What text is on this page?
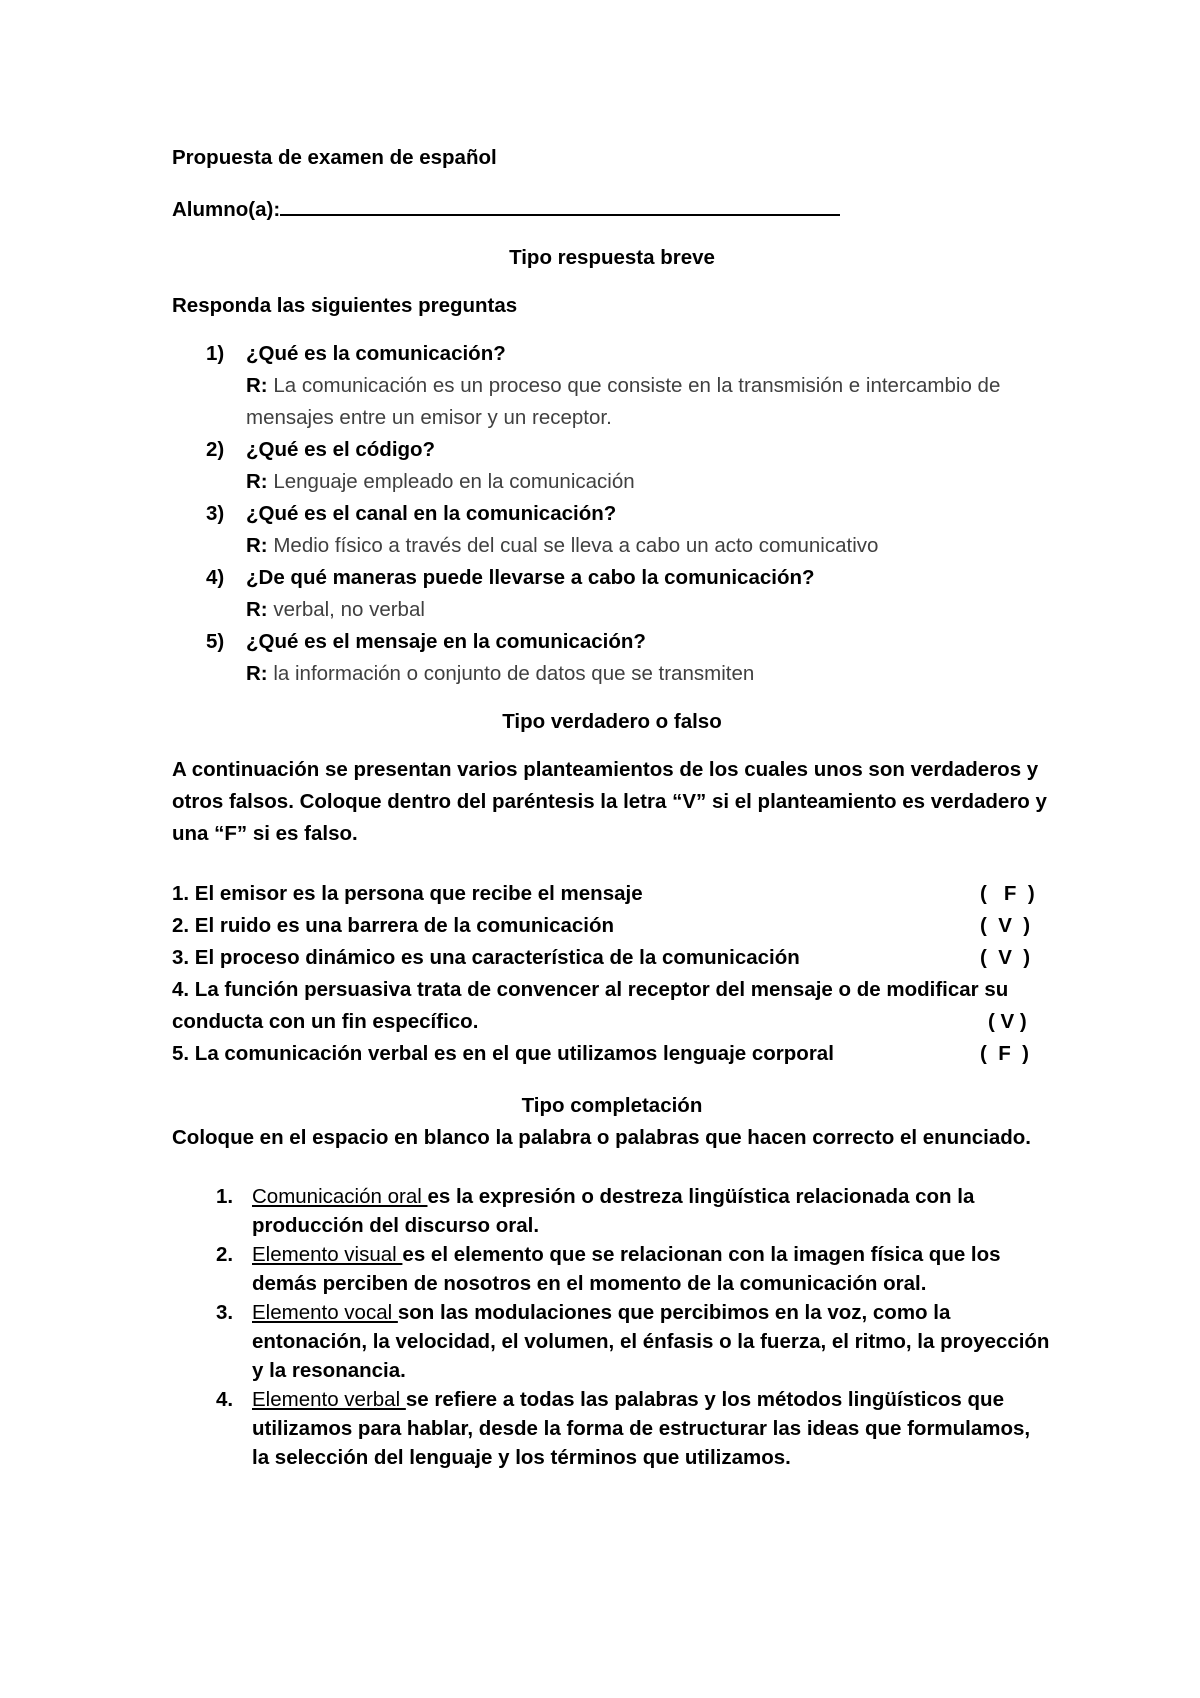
Propuesta de examen de español

Alumno(a):

Tipo respuesta breve

Responda las siguientes preguntas

1) ¿Qué es la comunicación?
R: La comunicación es un proceso que consiste en la transmisión e intercambio de mensajes entre un emisor y un receptor.
2) ¿Qué es el código?
R: Lenguaje empleado en la comunicación
3) ¿Qué es el canal en la comunicación?
R: Medio físico a través del cual se lleva a cabo un acto comunicativo
4) ¿De qué maneras puede llevarse a cabo la comunicación?
R: verbal, no verbal
5) ¿Qué es el mensaje en la comunicación?
R: la información o conjunto de datos que se transmiten

Tipo verdadero o falso

A continuación se presentan varios planteamientos de los cuales unos son verdaderos y otros falsos. Coloque dentro del paréntesis la letra “V” si el planteamiento es verdadero y una “F” si es falso.

1. El emisor es la persona que recibe el mensaje	(   F  )
2. El ruido es una barrera de la comunicación	(  V  )
3. El proceso dinámico es una característica de la comunicación	(  V  )
4. La función persuasiva trata de convencer al receptor del mensaje o de modificar su
conducta con un fin específico.	( V )
5. La comunicación verbal es en el que utilizamos lenguaje corporal	(  F  )

Tipo completación

Coloque en el espacio en blanco la palabra o palabras que hacen correcto el enunciado.

1. Comunicación oral es la expresión o destreza lingüística relacionada con la producción del discurso oral.
2. Elemento visual es el elemento que se relacionan con la imagen física que los demás perciben de nosotros en el momento de la comunicación oral.
3. Elemento vocal son las modulaciones que percibimos en la voz, como la entonación, la velocidad, el volumen, el énfasis o la fuerza, el ritmo, la proyección y la resonancia.
4. Elemento verbal se refiere a todas las palabras y los métodos lingüísticos que utilizamos para hablar, desde la forma de estructurar las ideas que formulamos, la selección del lenguaje y los términos que utilizamos.
